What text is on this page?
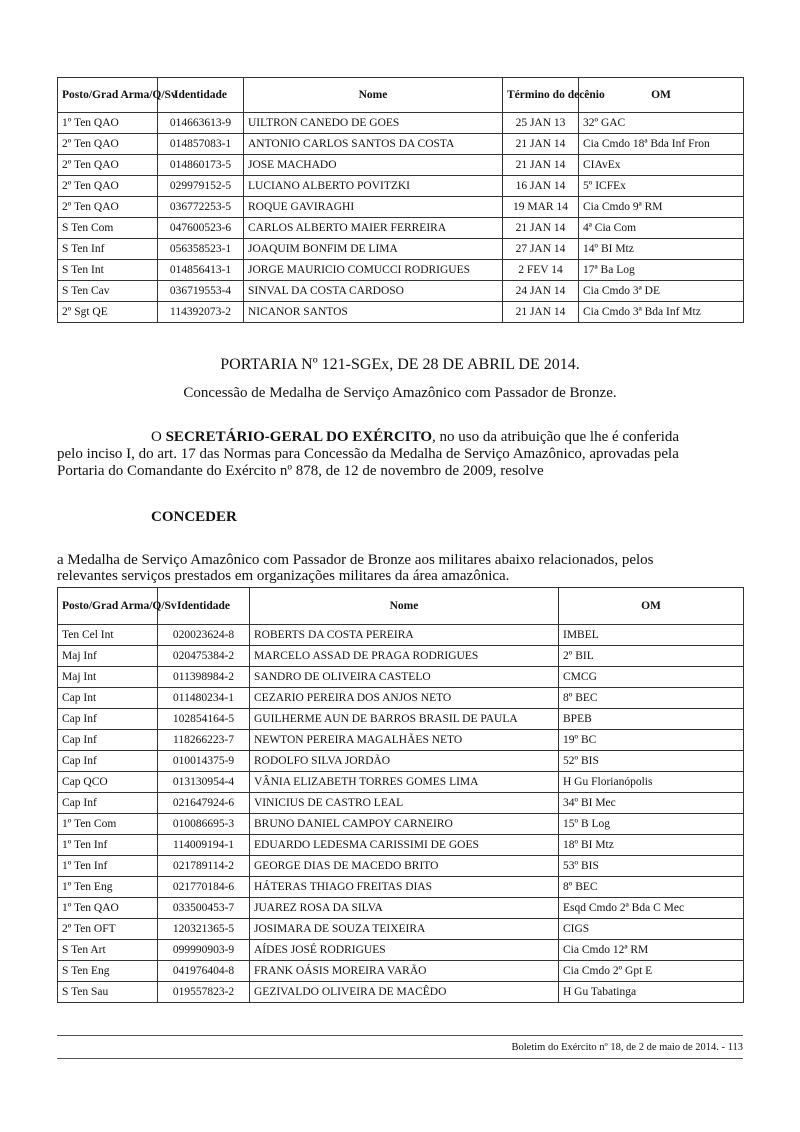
Posto/Grad Arma/Q/Sv	Identidade	Nome	Término do decênio	OM
1º Ten QAO	014663613-9	UILTRON CANEDO DE GOES	25 JAN 13	32º GAC
2º Ten QAO	014857083-1	ANTONIO CARLOS SANTOS DA COSTA	21 JAN 14	Cia Cmdo 18ª Bda Inf Fron
2º Ten QAO	014860173-5	JOSE MACHADO	21 JAN 14	CIAvEx
2º Ten QAO	029979152-5	LUCIANO ALBERTO POVITZKI	16 JAN 14	5º ICFEx
2º Ten QAO	036772253-5	ROQUE GAVIRAGHI	19 MAR 14	Cia Cmdo 9ª RM
S Ten Com	047600523-6	CARLOS ALBERTO MAIER FERREIRA	21 JAN 14	4ª Cia Com
S Ten Inf	056358523-1	JOAQUIM BONFIM DE LIMA	27 JAN 14	14º BI Mtz
S Ten Int	014856413-1	JORGE MAURICIO COMUCCI RODRIGUES	2 FEV 14	17ª Ba Log
S Ten Cav	036719553-4	SINVAL DA COSTA CARDOSO	24 JAN 14	Cia Cmdo 3ª DE
2º Sgt QE	114392073-2	NICANOR SANTOS	21 JAN 14	Cia Cmdo 3ª Bda Inf Mtz
PORTARIA Nº 121-SGEx, DE 28 DE ABRIL DE 2014.
Concessão de Medalha de Serviço Amazônico com Passador de Bronze.
O SECRETÁRIO-GERAL DO EXÉRCITO, no uso da atribuição que lhe é conferida
pelo inciso I, do art. 17 das Normas para Concessão da Medalha de Serviço Amazônico, aprovadas pela
Portaria do Comandante do Exército nº 878, de 12 de novembro de 2009, resolve
CONCEDER
a Medalha de Serviço Amazônico com Passador de Bronze aos militares abaixo relacionados, pelos
relevantes serviços prestados em organizações militares da área amazônica.
Posto/Grad Arma/Q/Sv	Identidade	Nome	OM
Ten Cel Int	020023624-8	ROBERTS DA COSTA PEREIRA	IMBEL
Maj Inf	020475384-2	MARCELO ASSAD DE PRAGA RODRIGUES	2º BIL
Maj Int	011398984-2	SANDRO DE OLIVEIRA CASTELO	CMCG
Cap Int	011480234-1	CEZARIO PEREIRA DOS ANJOS NETO	8º BEC
Cap Inf	102854164-5	GUILHERME AUN DE BARROS BRASIL DE PAULA	BPEB
Cap Inf	118266223-7	NEWTON PEREIRA MAGALHÃES NETO	19º BC
Cap Inf	010014375-9	RODOLFO SILVA JORDÃO	52º BIS
Cap QCO	013130954-4	VÂNIA ELIZABETH TORRES GOMES LIMA	H Gu Florianópolis
Cap Inf	021647924-6	VINICIUS DE CASTRO LEAL	34º BI Mec
1º Ten Com	010086695-3	BRUNO DANIEL CAMPOY CARNEIRO	15º B Log
1º Ten Inf	114009194-1	EDUARDO LEDESMA CARISSIMI DE GOES	18º BI Mtz
1º Ten Inf	021789114-2	GEORGE DIAS DE MACEDO BRITO	53º BIS
1º Ten Eng	021770184-6	HÁTERAS THIAGO FREITAS DIAS	8º BEC
1º Ten QAO	033500453-7	JUAREZ ROSA DA SILVA	Esqd Cmdo 2ª Bda C Mec
2º Ten OFT	120321365-5	JOSIMARA DE SOUZA TEIXEIRA	CIGS
S Ten Art	099990903-9	AÍDES JOSÉ RODRIGUES	Cia Cmdo 12ª RM
S Ten Eng	041976404-8	FRANK OÁSIS MOREIRA VARÃO	Cia Cmdo 2º Gpt E
S Ten Sau	019557823-2	GEZIVALDO OLIVEIRA DE MACÊDO	H Gu Tabatinga
Boletim do Exército nº 18, de 2 de maio de 2014. - 113
